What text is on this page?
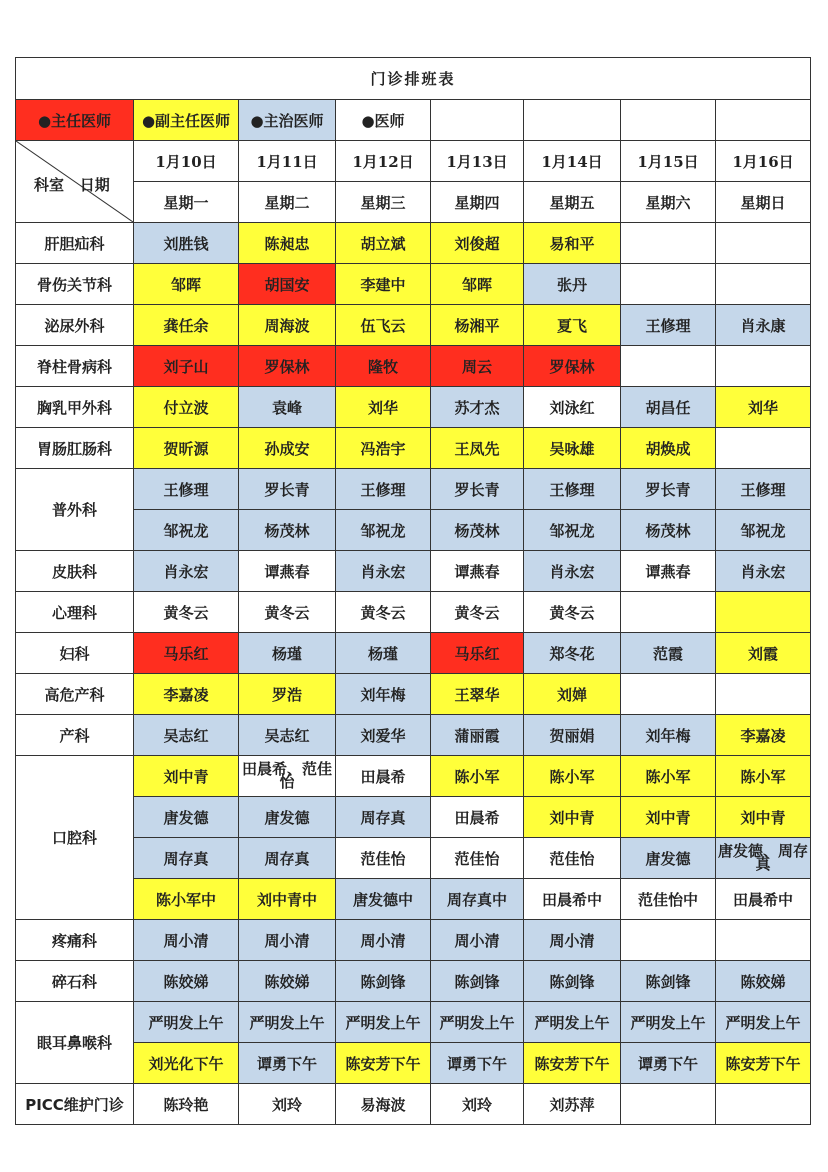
门诊排班表							
●主任医师	●副主任医师	●主治医师	●医师				

科室 日期	1月10日	1月11日	1月12日	1月13日	1月14日	1月15日	1月16日
	星期一	星期二	星期三	星期四	星期五	星期六	星期日
肝胆疝科	刘胜钱	陈昶忠	胡立斌	刘俊超	易和平		
骨伤关节科	邹晖	胡国安	李建中	邹晖	张丹		
泌尿外科	龚任余	周海波	伍飞云	杨湘平	夏飞	王修理	肖永康
脊柱骨病科	刘子山	罗保林	隆牧	周云	罗保林		
胸乳甲外科	付立波	袁峰	刘华	苏才杰	刘泳红	胡昌任	刘华
胃肠肛肠科	贺昕源	孙成安	冯浩宇	王凤先	吴咏雄	胡焕成	
普外科	王修理	罗长青	王修理	罗长青	王修理	罗长青	王修理
	邹祝龙	杨茂林	邹祝龙	杨茂林	邹祝龙	杨茂林	邹祝龙
皮肤科	肖永宏	谭燕春	肖永宏	谭燕春	肖永宏	谭燕春	肖永宏
心理科	黄冬云	黄冬云	黄冬云	黄冬云	黄冬云		
妇科	马乐红	杨瑾	杨瑾	马乐红	郑冬花	范霞	刘霞
高危产科	李嘉凌	罗浩	刘年梅	王翠华	刘婵		
产科	吴志红	吴志红	刘爱华	蒲丽霞	贺丽娟	刘年梅	李嘉凌
口腔科	刘中青	田晨希、范佳怡	田晨希	陈小军	陈小军	陈小军	陈小军
	唐发德	唐发德	周存真	田晨希	刘中青	刘中青	刘中青
	周存真	周存真	范佳怡	范佳怡	范佳怡	唐发德	唐发德、周存真
	陈小军中	刘中青中	唐发德中	周存真中	田晨希中	范佳怡中	田晨希中
疼痛科	周小清	周小清	周小清	周小清	周小清		
碎石科	陈姣娣	陈姣娣	陈剑锋	陈剑锋	陈剑锋	陈剑锋	陈姣娣
眼耳鼻喉科	严明发上午	严明发上午	严明发上午	严明发上午	严明发上午	严明发上午	严明发上午
	刘光化下午	谭勇下午	陈安芳下午	谭勇下午	陈安芳下午	谭勇下午	陈安芳下午
PICC维护门诊	陈玲艳	刘玲	易海波	刘玲	刘苏萍		
